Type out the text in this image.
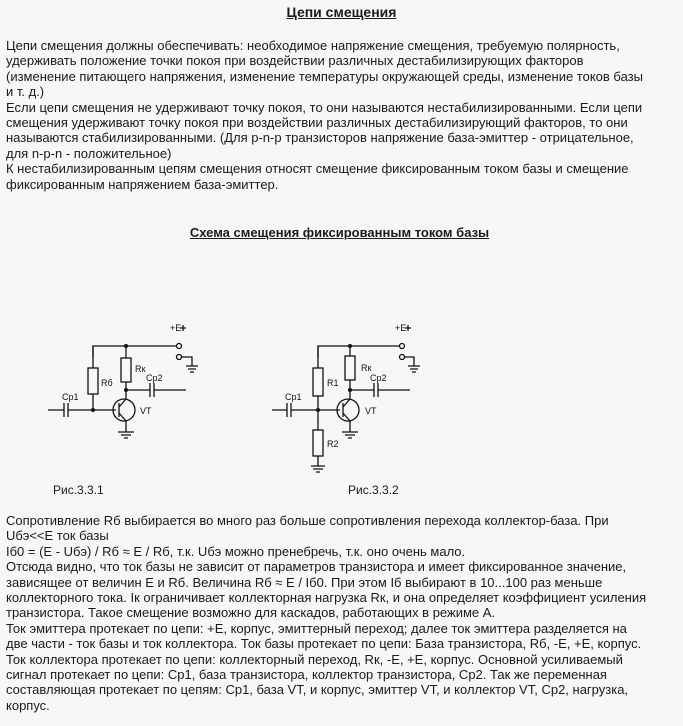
Цепи смещения
Цепи смещения должны обеспечивать: необходимое напряжение смещения, требуемую полярность,
удерживать положение точки покоя при воздействии различных дестабилизирующих факторов
(изменение питающего напряжения, изменение температуры окружающей среды, изменение токов базы
и т. д.)
Если цепи смещения не удерживают точку покоя, то они называются нестабилизированными. Если цепи
смещения удерживают точку покоя при воздействии различных дестабилизирующий факторов, то они
называются стабилизированными. (Для p-n-p транзисторов напряжение база-эмиттер - отрицательное,
для n-p-n - положительное)
К нестабилизированным цепям смещения относят смещение фиксированным током базы и смещение
фиксированным напряжением база-эмиттер.
Схема смещения фиксированным током базы
+E
Rб
Rк
Cp1
VT
Cp2
+E
R1
R2
Rк
Cp1
VT
Cp2
Рис.3.3.1	Рис.3.3.2
Сопротивление Rб выбирается во много раз больше сопротивления перехода коллектор-база. При
Uбэ<<E ток базы
Iб0 = (E - Uбэ) / Rб ≈ E / Rб, т.к. Uбэ можно пренебречь, т.к. оно очень мало.
Отсюда видно, что ток базы не зависит от параметров транзистора и имеет фиксированное значение,
зависящее от величин E и Rб. Величина Rб ≈ E / Iб0. При этом Iб выбирают в 10...100 раз меньше
коллекторного тока. Iк ограничивает коллекторная нагрузка Rк, и она определяет коэффициент усиления
транзистора. Такое смещение возможно для каскадов, работающих в режиме А.
Ток эмиттера протекает по цепи: +E, корпус, эмиттерный переход; далее ток эмиттера разделяется на
две части - ток базы и ток коллектора. Ток базы протекает по цепи: База транзистора, Rб, -E, +E, корпус.
Ток коллектора протекает по цепи: коллекторный переход, Rк, -E, +E, корпус. Основной усиливаемый
сигнал протекает по цепи: Cp1, база транзистора, коллектор транзистора, Cp2. Так же переменная
составляющая протекает по цепям: Cp1, база VT, и корпус, эмиттер VT, и коллектор VT, Cp2, нагрузка,
корпус.
